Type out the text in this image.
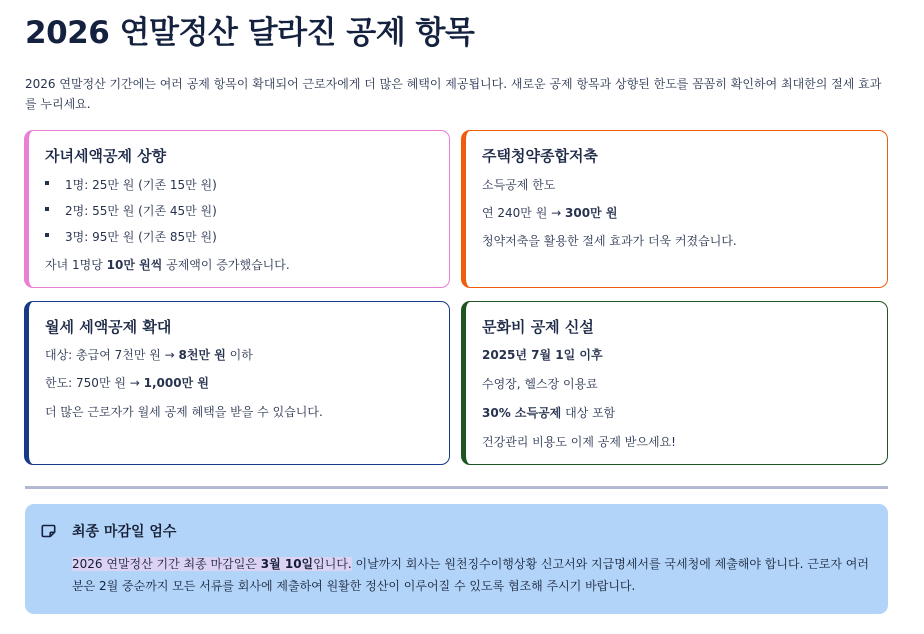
2026 연말정산 달라진 공제 항목

2026 연말정산 기간에는 여러 공제 항목이 확대되어 근로자에게 더 많은 혜택이 제공됩니다. 새로운 공제 항목과 상향된 한도를 꼼꼼히 확인하여 최대한의 절세 효과를 누리세요.

자녀세액공제 상향
1명: 25만 원 (기존 15만 원)
2명: 55만 원 (기존 45만 원)
3명: 95만 원 (기존 85만 원)
자녀 1명당 10만 원씩 공제액이 증가했습니다.
주택청약종합저축
소득공제 한도
연 240만 원 → 300만 원
청약저축을 활용한 절세 효과가 더욱 커졌습니다.
월세 세액공제 확대
대상: 총급여 7천만 원 → 8천만 원 이하
한도: 750만 원 → 1,000만 원
더 많은 근로자가 월세 공제 혜택을 받을 수 있습니다.
문화비 공제 신설
2025년 7월 1일 이후
수영장, 헬스장 이용료
30% 소득공제 대상 포함
건강관리 비용도 이제 공제 받으세요!
최종 마감일 엄수

2026 연말정산 기간 최종 마감일은 3월 10일입니다. 이날까지 회사는 원천징수이행상황 신고서와 지급명세서를 국세청에 제출해야 합니다. 근로자 여러분은 2월 중순까지 모든 서류를 회사에 제출하여 원활한 정산이 이루어질 수 있도록 협조해 주시기 바랍니다.
